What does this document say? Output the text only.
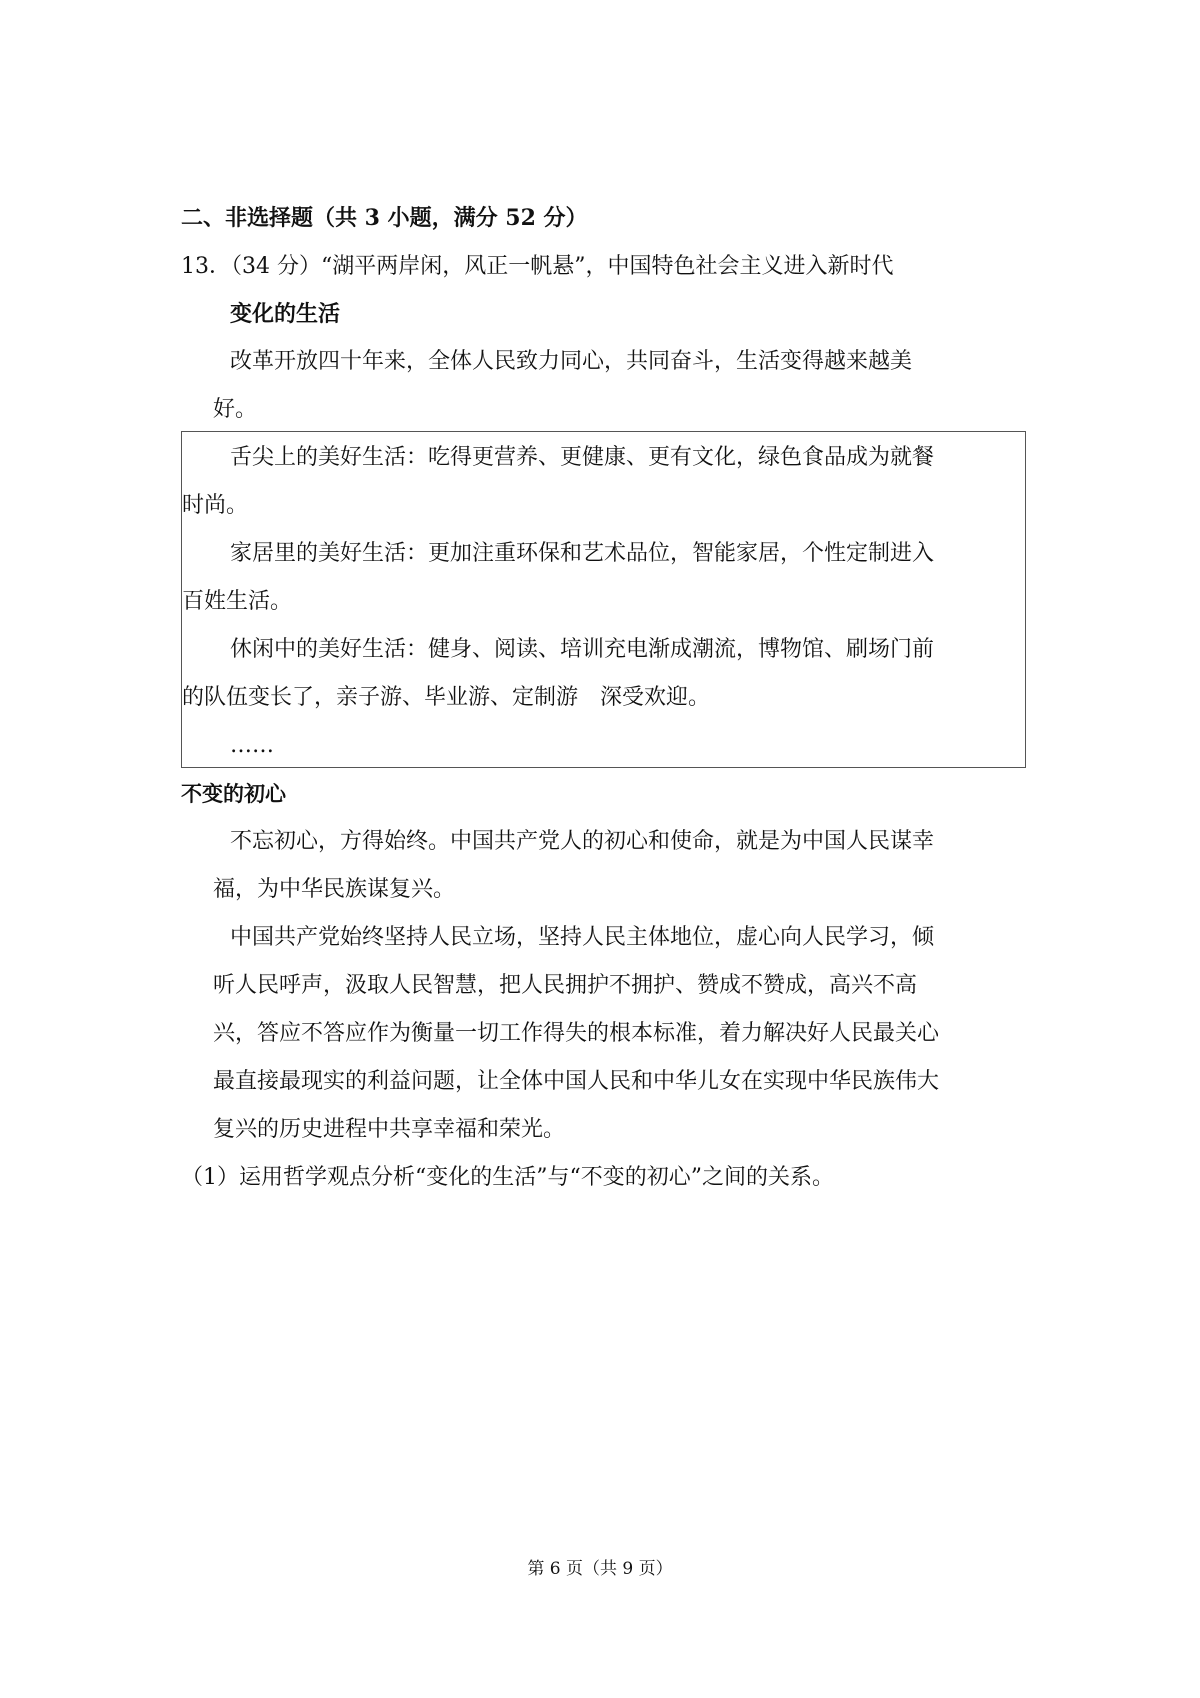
二、非选择题（共 3 小题，满分 52 分）
13．（34 分）“湖平两岸闲，风正一帆悬”，中国特色社会主义进入新时代
变化的生活
改革开放四十年来，全体人民致力同心，共同奋斗，生活变得越来越美
好。
舌尖上的美好生活：吃得更营养、更健康、更有文化，绿色食品成为就餐
时尚。
家居里的美好生活：更加注重环保和艺术品位，智能家居，个性定制进入
百姓生活。
休闲中的美好生活：健身、阅读、培训充电渐成潮流，博物馆、刷场门前
的队伍变长了，亲子游、毕业游、定制游　深受欢迎。
……
不变的初心
不忘初心，方得始终。中国共产党人的初心和使命，就是为中国人民谋幸
福，为中华民族谋复兴。
中国共产党始终坚持人民立场，坚持人民主体地位，虚心向人民学习，倾
听人民呼声，汲取人民智慧，把人民拥护不拥护、赞成不赞成，高兴不高
兴，答应不答应作为衡量一切工作得失的根本标准，着力解决好人民最关心
最直接最现实的利益问题，让全体中国人民和中华儿女在实现中华民族伟大
复兴的历史进程中共享幸福和荣光。
（1）运用哲学观点分析“变化的生活”与“不变的初心”之间的关系。
第 6 页（共 9 页）
